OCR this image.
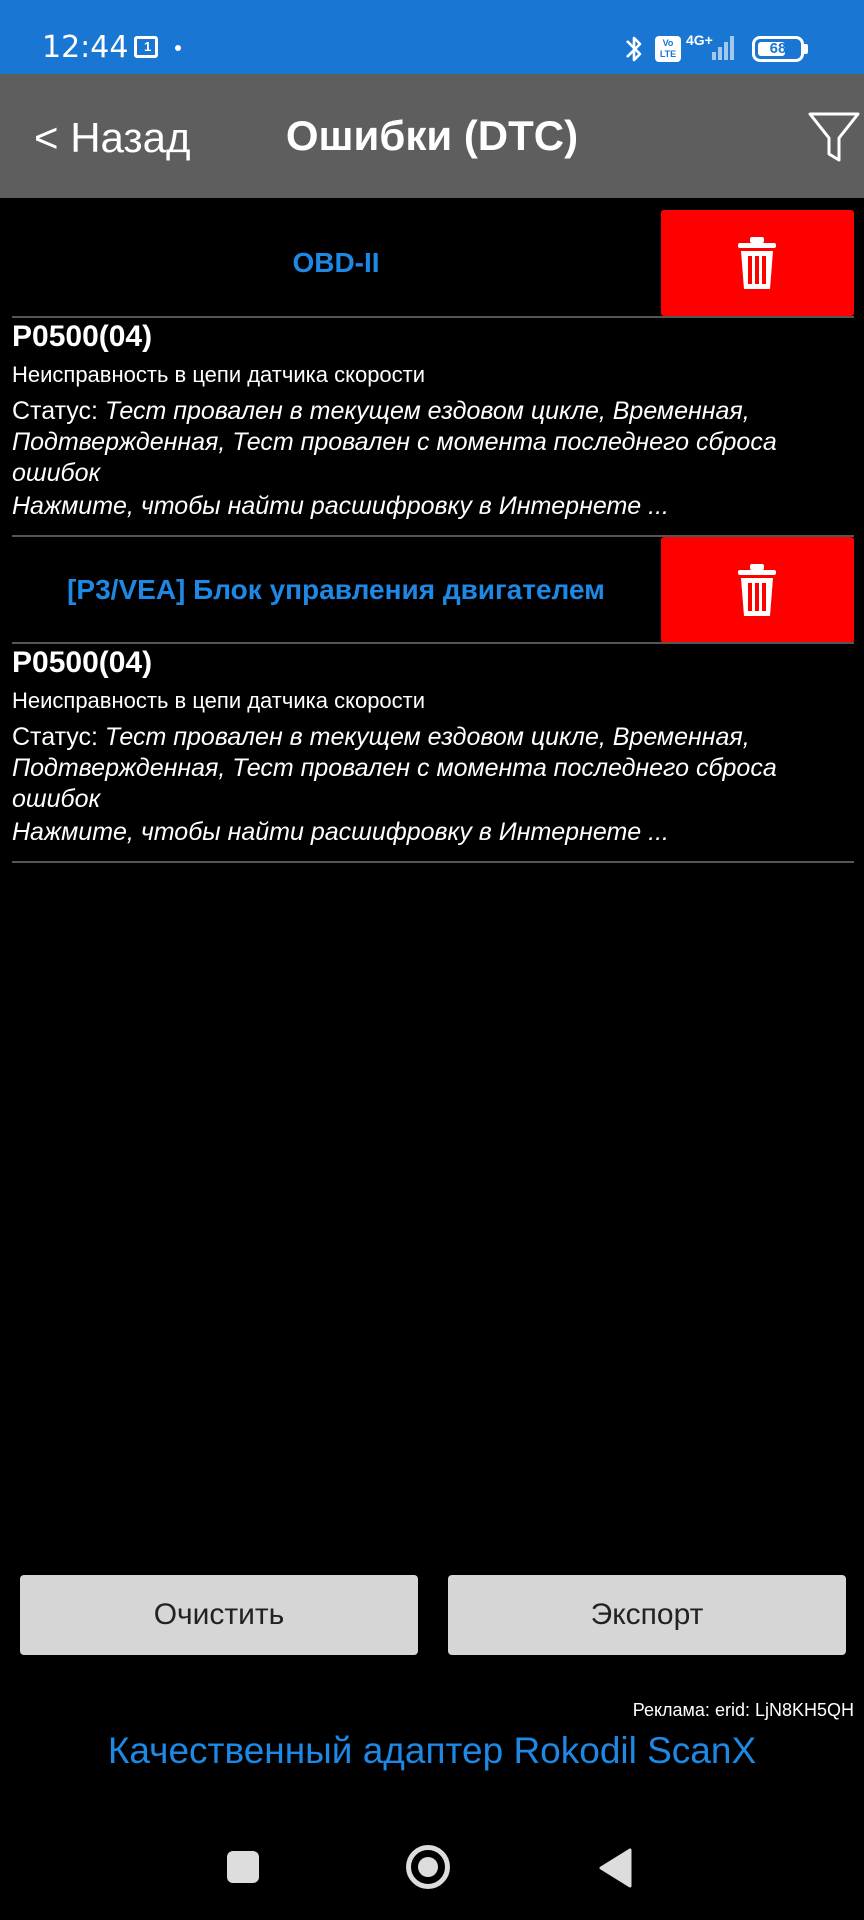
12:44 1	Vo LTE
4G+	68
< Назад	Ошибки (DTC)
OBD-II
P0500(04)
Неисправность в цепи датчика скорости
Статус: Тест провален в текущем ездовом цикле, Временная, Подтвержденная, Тест провален с момента последнего сброса ошибок
Нажмите, чтобы найти расшифровку в Интернете ...
[P3/VEA] Блок управления двигателем
P0500(04)
Неисправность в цепи датчика скорости
Статус: Тест провален в текущем ездовом цикле, Временная, Подтвержденная, Тест провален с момента последнего сброса ошибок
Нажмите, чтобы найти расшифровку в Интернете ...
Очистить	Экспорт
Реклама: erid: LjN8KH5QH
Качественный адаптер Rokodil ScanX
